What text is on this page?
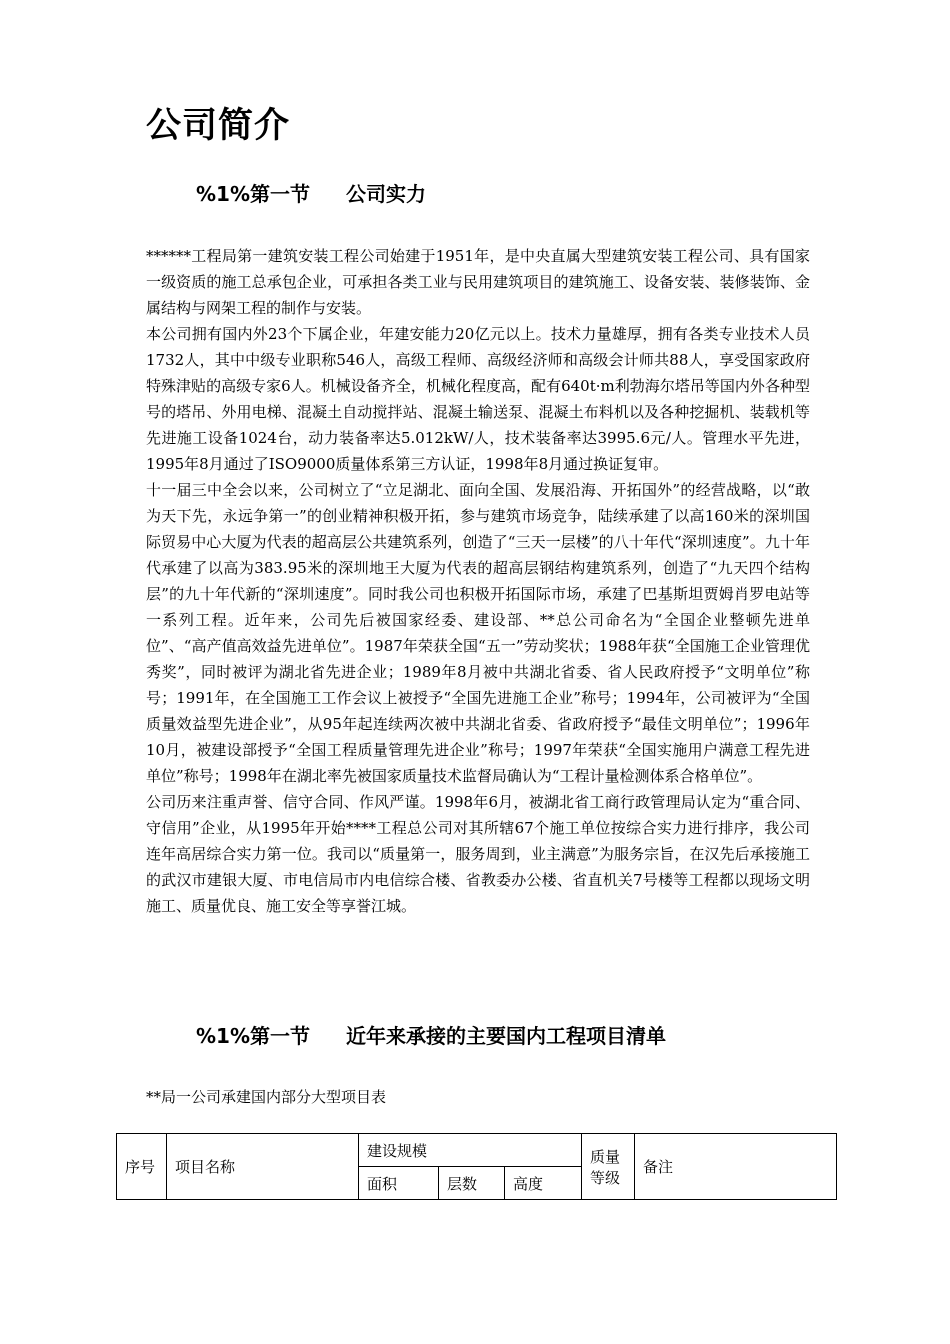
公司简介
%1%第一节 公司实力

******工程局第一建筑安装工程公司始建于1951年，是中央直属大型建筑安装工程公司、具有国家一级资质的施工总承包企业，可承担各类工业与民用建筑项目的建筑施工、设备安装、装修装饰、金属结构与网架工程的制作与安装。

本公司拥有国内外23个下属企业，年建安能力20亿元以上。技术力量雄厚，拥有各类专业技术人员1732人，其中中级专业职称546人，高级工程师、高级经济师和高级会计师共88人，享受国家政府特殊津贴的高级专家6人。机械设备齐全，机械化程度高，配有640t·m利勃海尔塔吊等国内外各种型号的塔吊、外用电梯、混凝土自动搅拌站、混凝土输送泵、混凝土布料机以及各种挖掘机、装载机等先进施工设备1024台，动力装备率达5.012kW/人，技术装备率达3995.6元/人。管理水平先进，1995年8月通过了ISO9000质量体系第三方认证，1998年8月通过换证复审。

十一届三中全会以来，公司树立了“立足湖北、面向全国、发展沿海、开拓国外”的经营战略，以“敢为天下先，永远争第一”的创业精神积极开拓，参与建筑市场竞争，陆续承建了以高160米的深圳国际贸易中心大厦为代表的超高层公共建筑系列，创造了“三天一层楼”的八十年代“深圳速度”。九十年代承建了以高为383.95米的深圳地王大厦为代表的超高层钢结构建筑系列，创造了“九天四个结构层”的九十年代新的“深圳速度”。同时我公司也积极开拓国际市场，承建了巴基斯坦贾姆肖罗电站等一系列工程。近年来，公司先后被国家经委、建设部、**总公司命名为“全国企业整顿先进单位”、“高产值高效益先进单位”。1987年荣获全国“五一”劳动奖状；1988年获“全国施工企业管理优秀奖”，同时被评为湖北省先进企业；1989年8月被中共湖北省委、省人民政府授予“文明单位”称号；1991年，在全国施工工作会议上被授予“全国先进施工企业”称号；1994年，公司被评为“全国质量效益型先进企业”，从95年起连续两次被中共湖北省委、省政府授予“最佳文明单位”；1996年10月，被建设部授予“全国工程质量管理先进企业”称号；1997年荣获“全国实施用户满意工程先进单位”称号；1998年在湖北率先被国家质量技术监督局确认为“工程计量检测体系合格单位”。

公司历来注重声誉、信守合同、作风严谨。1998年6月，被湖北省工商行政管理局认定为“重合同、守信用”企业，从1995年开始****工程总公司对其所辖67个施工单位按综合实力进行排序，我公司连年高居综合实力第一位。我司以“质量第一，服务周到，业主满意”为服务宗旨，在汉先后承接施工的武汉市建银大厦、市电信局市内电信综合楼、省教委办公楼、省直机关7号楼等工程都以现场文明施工、质量优良、施工安全等享誉江城。

%1%第一节 近年来承接的主要国内工程项目清单

**局一公司承建国内部分大型项目表

序号	项目名称	建设规模			质量等级	备注
		面积	层数	高度		
